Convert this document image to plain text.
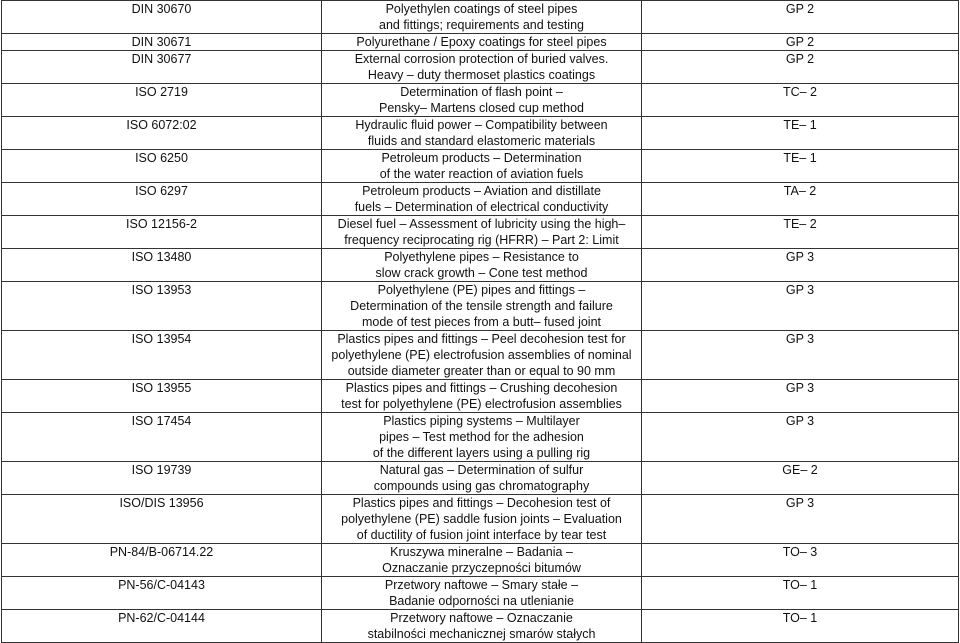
DIN 30670	Polyethylen coatings of steel pipes
and fittings; requirements and testing	GP 2

DIN 30671	Polyurethane / Epoxy coatings for steel pipes	GP 2

DIN 30677	External corrosion protection of buried valves.
Heavy – duty thermoset plastics coatings	GP 2

ISO 2719	Determination of flash point –
Pensky– Martens closed cup method	TC– 2

ISO 6072:02	Hydraulic fluid power – Compatibility between
fluids and standard elastomeric materials	TE– 1

ISO 6250	Petroleum products – Determination
of the water reaction of aviation fuels	TE– 1

ISO 6297	Petroleum products – Aviation and distillate
fuels – Determination of electrical conductivity	TA– 2

ISO 12156-2	Diesel fuel – Assessment of lubricity using the high–
frequency reciprocating rig (HFRR) – Part 2: Limit	TE– 2

ISO 13480	Polyethylene pipes – Resistance to
slow crack growth – Cone test method	GP 3

ISO 13953	Polyethylene (PE) pipes and fittings –
Determination of the tensile strength and failure
mode of test pieces from a butt– fused joint	GP 3

ISO 13954	Plastics pipes and fittings – Peel decohesion test for
polyethylene (PE) electrofusion assemblies of nominal
outside diameter greater than or equal to 90 mm	GP 3

ISO 13955	Plastics pipes and fittings – Crushing decohesion
test for polyethylene (PE) electrofusion assemblies	GP 3

ISO 17454	Plastics piping systems – Multilayer
pipes – Test method for the adhesion
of the different layers using a pulling rig	GP 3

ISO 19739	Natural gas – Determination of sulfur
compounds using gas chromatography	GE– 2

ISO/DIS 13956	Plastics pipes and fittings – Decohesion test of
polyethylene (PE) saddle fusion joints – Evaluation
of ductility of fusion joint interface by tear test	GP 3

PN-84/B-06714.22	Kruszywa mineralne – Badania –
Oznaczanie przyczepności bitumów	TO– 3

PN-56/C-04143	Przetwory naftowe – Smary stałe –
Badanie odporności na utlenianie	TO– 1

PN-62/C-04144	Przetwory naftowe – Oznaczanie
stabilności mechanicznej smarów stałych	TO– 1
